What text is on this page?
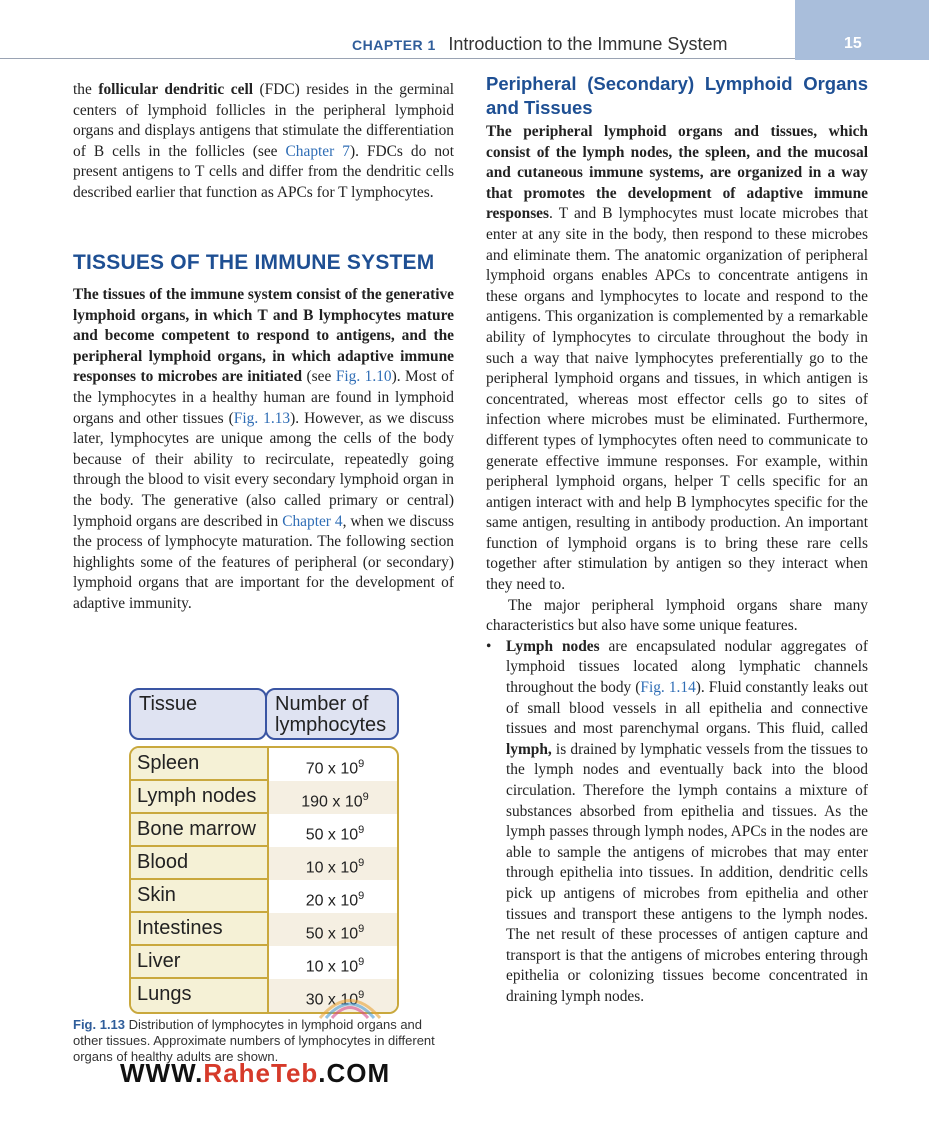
CHAPTER 1 Introduction to the Immune System	15

the follicular dendritic cell (FDC) resides in the germinal centers of lymphoid follicles in the peripheral lymphoid organs and displays antigens that stimulate the differentiation of B cells in the follicles (see Chapter 7). FDCs do not present antigens to T cells and differ from the dendritic cells described earlier that function as APCs for T lymphocytes.

TISSUES OF THE IMMUNE SYSTEM

The tissues of the immune system consist of the generative lymphoid organs, in which T and B lymphocytes mature and become competent to respond to antigens, and the peripheral lymphoid organs, in which adaptive immune responses to microbes are initiated (see Fig. 1.10). Most of the lymphocytes in a healthy human are found in lymphoid organs and other tissues (Fig. 1.13). However, as we discuss later, lymphocytes are unique among the cells of the body because of their ability to recirculate, repeatedly going through the blood to visit every secondary lymphoid organ in the body. The generative (also called primary or central) lymphoid organs are described in Chapter 4, when we discuss the process of lymphocyte maturation. The following section highlights some of the features of peripheral (or secondary) lymphoid organs that are important for the development of adaptive immunity.

Tissue	Number of lymphocytes
Spleen	70 x $10^9$
Lymph nodes	190 x $10^9$
Bone marrow	50 x $10^9$
Blood	10 x $10^9$
Skin	20 x $10^9$
Intestines	50 x $10^9$
Liver	10 x $10^9$
Lungs	30 x $10^9$
Fig. 1.13 Distribution of lymphocytes in lymphoid organs and other tissues. Approximate numbers of lymphocytes in different organs of healthy adults are shown.
Peripheral (Secondary) Lymphoid Organs and Tissues

The peripheral lymphoid organs and tissues, which consist of the lymph nodes, the spleen, and the mucosal and cutaneous immune systems, are organized in a way that promotes the development of adaptive immune responses. T and B lymphocytes must locate microbes that enter at any site in the body, then respond to these microbes and eliminate them. The anatomic organization of peripheral lymphoid organs enables APCs to concentrate antigens in these organs and lymphocytes to locate and respond to the antigens. This organization is complemented by a remarkable ability of lymphocytes to circulate throughout the body in such a way that naive lymphocytes preferentially go to the peripheral lymphoid organs and tissues, in which antigen is concentrated, whereas most effector cells go to sites of infection where microbes must be eliminated. Furthermore, different types of lymphocytes often need to communicate to generate effective immune responses. For example, within peripheral lymphoid organs, helper T cells specific for an antigen interact with and help B lymphocytes specific for the same antigen, resulting in antibody production. An important function of lymphoid organs is to bring these rare cells together after stimulation by antigen so they interact when they need to.

The major peripheral lymphoid organs share many characteristics but also have some unique features.

• Lymph nodes are encapsulated nodular aggregates of lymphoid tissues located along lymphatic channels throughout the body (Fig. 1.14). Fluid constantly leaks out of small blood vessels in all epithelia and connective tissues and most parenchymal organs. This fluid, called lymph, is drained by lymphatic vessels from the tissues to the lymph nodes and eventually back into the blood circulation. Therefore the lymph contains a mixture of substances absorbed from epithelia and tissues. As the lymph passes through lymph nodes, APCs in the nodes are able to sample the antigens of microbes that may enter through epithelia into tissues. In addition, dendritic cells pick up antigens of microbes from epithelia and other tissues and transport these antigens to the lymph nodes. The net result of these processes of antigen capture and transport is that the antigens of microbes entering through epithelia or colonizing tissues become concentrated in draining lymph nodes.

WWW.RaheTeb.COM
